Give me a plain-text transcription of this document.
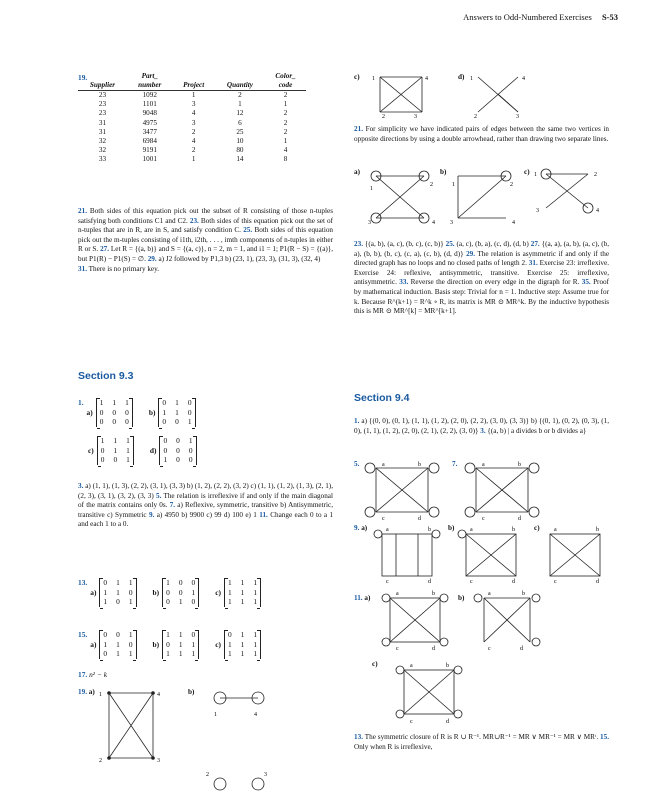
Answers to Odd-Numbered Exercises S-53
19.
		Part_			Color_
Supplier	number	Project	Quantity	code
23	1092	1	2	2
23	1101	3	1	1
23	9048	4	12	2
31	4975	3	6	2
31	3477	2	25	2
32	6984	4	10	1
32	9191	2	80	4
33	1001	1	14	8
21. Both sides of this equation pick out the subset of R consisting of those n-tuples satisfying both conditions C1 and C2. 23. Both sides of this equation pick out the set of n-tuples that are in R, are in S, and satisfy condition C. 25. Both sides of this equation pick out the m-tuples consisting of i1th, i2th, . . . , imth components of n-tuples in either R or S. 27. Let R = {(a, b)} and S = {(a, c)}, n = 2, m = 1, and i1 = 1; P1(R − S) = {(a)}, but P1(R) − P1(S) = ∅. 29. a) J2 followed by P1,3 b) (23, 1), (23, 3), (31, 3), (32, 4)
31. There is no primary key.
Section 9.3
1.
a)
1 1 1
0 0 0
0 0 0
b)
0 1 0
1 1 0
0 0 1
c)
1 1 1
0 1 1
0 0 1
d)
0 0 1
0 0 0
1 0 0
3. a) (1, 1), (1, 3), (2, 2), (3, 1), (3, 3) b) (1, 2), (2, 2), (3, 2) c) (1, 1), (1, 2), (1, 3), (2, 1), (2, 3), (3, 1), (3, 2), (3, 3) 5. The relation is irreflexive if and only if the main diagonal of the matrix contains only 0s. 7. a) Reflexive, symmetric, transitive b) Antisymmetric, transitive c) Symmetric 9. a) 4950 b) 9900 c) 99 d) 100 e) 1 11. Change each 0 to a 1 and each 1 to a 0.
13.
a)
0 1 1
1 1 0
1 0 1
b)
1 0 0
0 0 1
0 1 0
c)
1 1 1
1 1 1
1 1 1
15.
a)
0 0 1
1 1 0
0 1 1
b)
1 1 0
0 1 1
1 1 1
c)
0 1 1
1 1 1
1 1 1
17. n² − k
19. a)	b)
1	4
2	3
1	4
2	3
c)	d)
1	4
2	3
1	4
2	3
21. For simplicity we have indicated pairs of edges between the same two vertices in opposite directions by using a double arrowhead, rather than drawing two separate lines.
a)	b)	c)
1
2
3	4
1	2
3	4
1	2
3	4
23. {(a, b), (a, c), (b, c), (c, b)} 25. (a, c), (b, a), (c, d), (d, b) 27. {(a, a), (a, b), (a, c), (b, a), (b, b), (b, c), (c, a), (c, b), (d, d)} 29. The relation is asymmetric if and only if the directed graph has no loops and no closed paths of length 2. 31. Exercise 23: irreflexive. Exercise 24: reflexive, antisymmetric, transitive. Exercise 25: irreflexive, antisymmetric. 33. Reverse the direction on every edge in the digraph for R. 35. Proof by mathematical induction. Basis step: Trivial for n = 1. Inductive step: Assume true for k. Because R^(k+1) = R^k ∘ R, its matrix is MR ⊙ MR^k. By the inductive hypothesis this is MR ⊙ MR^[k] = MR^[k+1].
Section 9.4
1. a) {(0, 0), (0, 1), (1, 1), (1, 2), (2, 0), (2, 2), (3, 0), (3, 3)} b) {(0, 1), (0, 2), (0, 3), (1, 0), (1, 1), (1, 2), (2, 0), (2, 1), (2, 2), (3, 0)} 3. {(a, b) | a divides b or b divides a}
5.	7.
a	b
c	d
a	b
c	d
9. a)	b)	c)
a	b
c	d
a	b
c	d
a	b
c	d
11. a)	b)
a	b
c	d
a	b
c	d
c)	a	b
c	d
13. The symmetric closure of R is R ∪ R⁻¹. MR∪R⁻¹ = MR ∨ MR⁻¹ = MR ∨ MRᵗ. 15. Only when R is irreflexive,
